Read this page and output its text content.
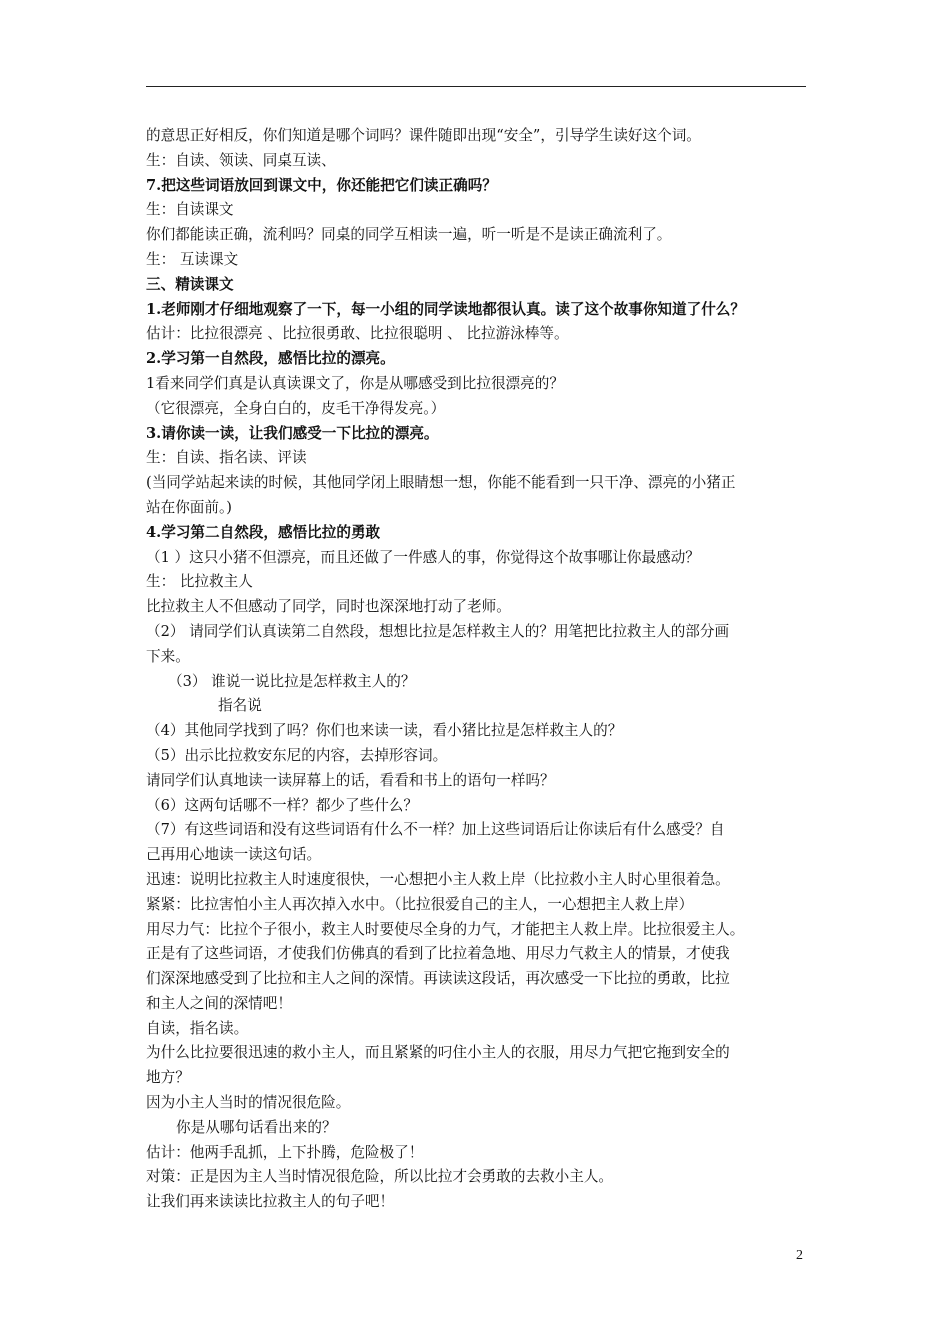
的意思正好相反，你们知道是哪个词吗？课件随即出现“安全”，引导学生读好这个词。
生：自读、领读、同桌互读、
7.把这些词语放回到课文中，你还能把它们读正确吗？
生：自读课文
你们都能读正确，流利吗？同桌的同学互相读一遍，听一听是不是读正确流利了。
生： 互读课文
三、精读课文
1.老师刚才仔细地观察了一下，每一小组的同学读地都很认真。读了这个故事你知道了什么？
估计：比拉很漂亮 、比拉很勇敢、比拉很聪明 、 比拉游泳棒等。
2.学习第一自然段，感悟比拉的漂亮。
1看来同学们真是认真读课文了，你是从哪感受到比拉很漂亮的？
（它很漂亮，全身白白的，皮毛干净得发亮。）
3.请你读一读，让我们感受一下比拉的漂亮。
生：自读、指名读、评读
(当同学站起来读的时候，其他同学闭上眼睛想一想，你能不能看到一只干净、漂亮的小猪正
站在你面前。)
4.学习第二自然段，感悟比拉的勇敢
（1 ）这只小猪不但漂亮，而且还做了一件感人的事，你觉得这个故事哪让你最感动？
生： 比拉救主人
比拉救主人不但感动了同学，同时也深深地打动了老师。
（2） 请同学们认真读第二自然段，想想比拉是怎样救主人的？用笔把比拉救主人的部分画
下来。
（3） 谁说一说比拉是怎样救主人的？
指名说
（4）其他同学找到了吗？你们也来读一读，看小猪比拉是怎样救主人的？
（5）出示比拉救安东尼的内容，去掉形容词。
请同学们认真地读一读屏幕上的话，看看和书上的语句一样吗？
（6）这两句话哪不一样？都少了些什么？
（7）有这些词语和没有这些词语有什么不一样？加上这些词语后让你读后有什么感受？自
己再用心地读一读这句话。
迅速：说明比拉救主人时速度很快，一心想把小主人救上岸（比拉救小主人时心里很着急。
紧紧：比拉害怕小主人再次掉入水中。（比拉很爱自己的主人，一心想把主人救上岸）
用尽力气：比拉个子很小，救主人时要使尽全身的力气，才能把主人救上岸。比拉很爱主人。
正是有了这些词语，才使我们仿佛真的看到了比拉着急地、用尽力气救主人的情景，才使我
们深深地感受到了比拉和主人之间的深情。再读读这段话，再次感受一下比拉的勇敢，比拉
和主人之间的深情吧！
自读，指名读。
为什么比拉要很迅速的救小主人，而且紧紧的叼住小主人的衣服，用尽力气把它拖到安全的
地方？
因为小主人当时的情况很危险。
你是从哪句话看出来的？
估计：他两手乱抓，上下扑腾，危险极了！
对策：正是因为主人当时情况很危险，所以比拉才会勇敢的去救小主人。
让我们再来读读比拉救主人的句子吧！
2
